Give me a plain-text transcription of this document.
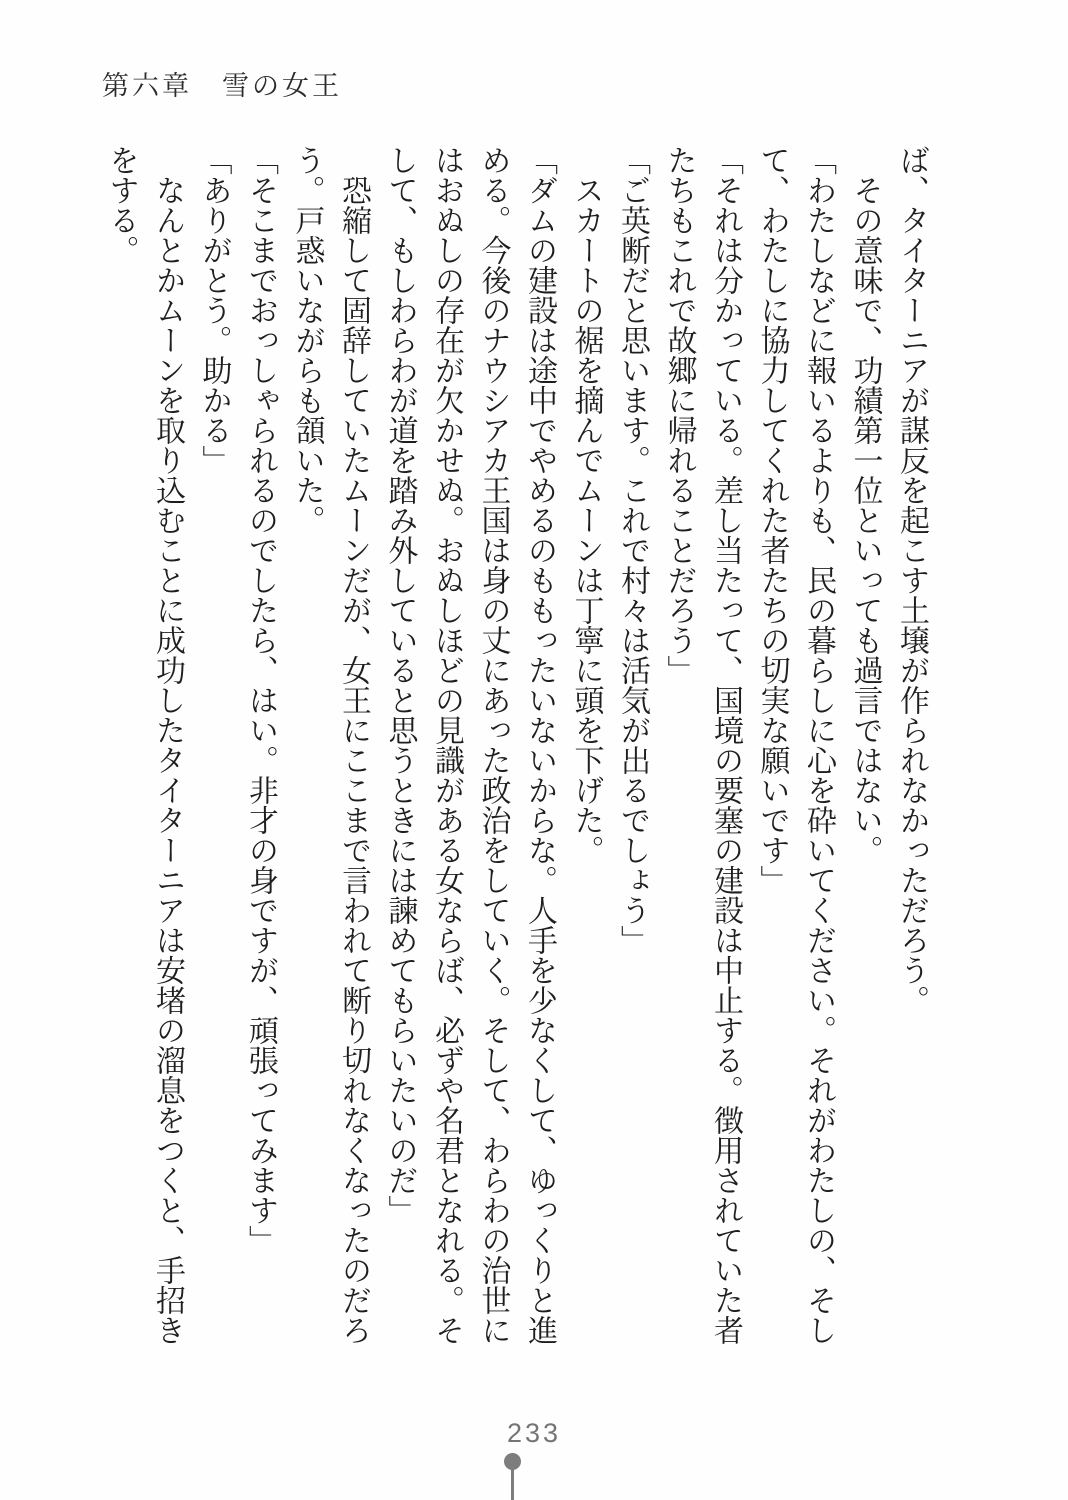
第六章　雪の女王

ば、タイターニアが謀反を起こす土壌が作られなかっただろう。

　その意味で、功績第一位といっても過言ではない。

「わたしなどに報いるよりも、民の暮らしに心を砕いてください。それがわたしの、そして、わたしに協力してくれた者たちの切実な願いです」

「それは分かっている。差し当たって、国境の要塞の建設は中止する。徴用されていた者たちもこれで故郷に帰れることだろう」

「ご英断だと思います。これで村々は活気が出るでしょう」

　スカートの裾を摘んでムーンは丁寧に頭を下げた。

「ダムの建設は途中でやめるのももったいないからな。人手を少なくして、ゆっくりと進める。今後のナウシアカ王国は身の丈にあった政治をしていく。そして、わらわの治世にはおぬしの存在が欠かせぬ。おぬしほどの見識がある女ならば、必ずや名君となれる。そして、もしわらわが道を踏み外していると思うときには諫めてもらいたいのだ」

　恐縮して固辞していたムーンだが、女王にここまで言われて断り切れなくなったのだろう。戸惑いながらも頷いた。

「そこまでおっしゃられるのでしたら、はい。非才の身ですが、頑張ってみます」

「ありがとう。助かる」

　なんとかムーンを取り込むことに成功したタイターニアは安堵の溜息をつくと、手招きをする。

233
